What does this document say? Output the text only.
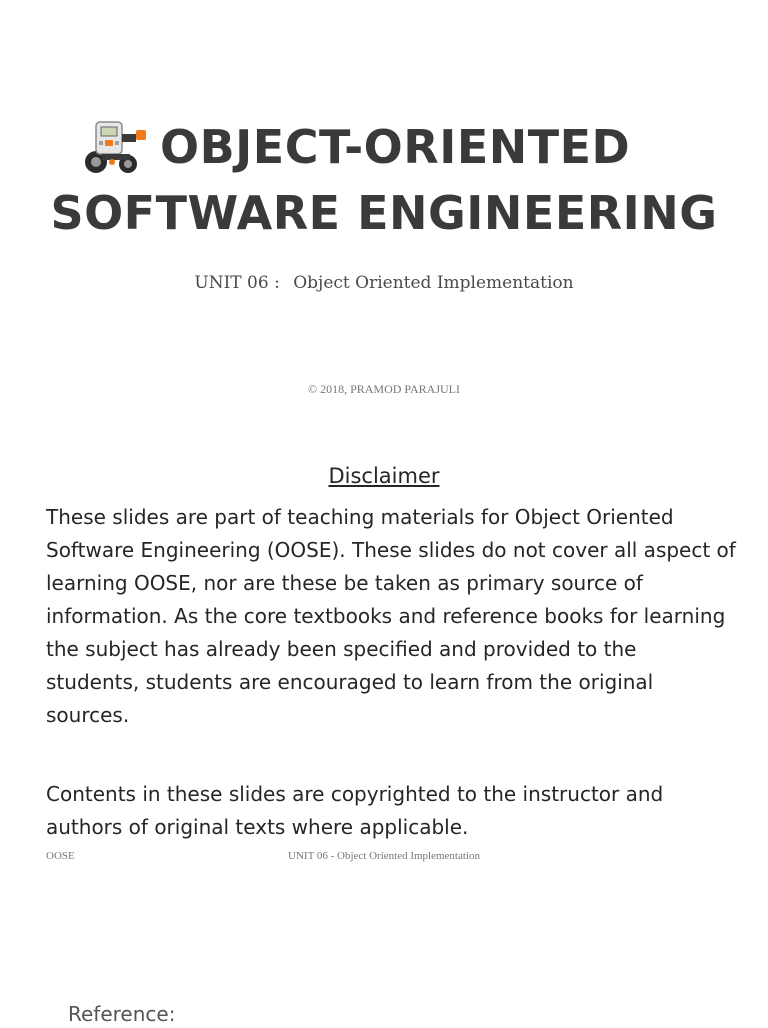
OBJECT-ORIENTED
SOFTWARE ENGINEERING
UNIT 06 : Object Oriented Implementation
© 2018, PRAMOD PARAJULI
Disclaimer

These slides are part of teaching materials for Object Oriented Software Engineering (OOSE). These slides do not cover all aspect of learning OOSE, nor are these be taken as primary source of information. As the core textbooks and reference books for learning the subject has already been specified and provided to the students, students are encouraged to learn from the original sources.

Contents in these slides are copyrighted to the instructor and authors of original texts where applicable.

UNIT 06 - Object Oriented Implementation
OOSE
Reference:
